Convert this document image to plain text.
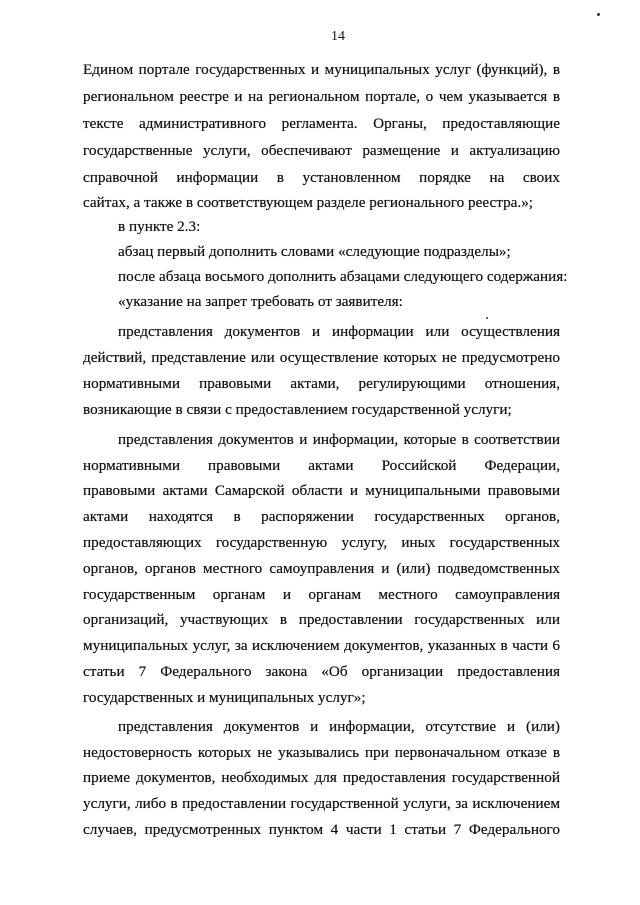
14
Едином портале государственных и муниципальных услуг (функций), в
региональном реестре и на региональном портале, о чем указывается в
тексте административного регламента. Органы, предоставляющие
государственные услуги, обеспечивают размещение и актуализацию
справочной информации в установленном порядке на своих
сайтах, а также в соответствующем разделе регионального реестра.»;
в пункте 2.3:
абзац первый дополнить словами «следующие подразделы»;
после абзаца восьмого дополнить абзацами следующего содержания:
«указание на запрет требовать от заявителя:
представления документов и информации или осуществления
действий, представление или осуществление которых не предусмотрено
нормативными правовыми актами, регулирующими отношения,
возникающие в связи с предоставлением государственной услуги;
представления документов и информации, которые в соответствии
нормативными правовыми актами Российской Федерации,
правовыми актами Самарской области и муниципальными правовыми
актами находятся в распоряжении государственных органов,
предоставляющих государственную услугу, иных государственных
органов, органов местного самоуправления и (или) подведомственных
государственным органам и органам местного самоуправления
организаций, участвующих в предоставлении государственных или
муниципальных услуг, за исключением документов, указанных в части 6
статьи 7 Федерального закона «Об организации предоставления
государственных и муниципальных услуг»;
представления документов и информации, отсутствие и (или)
недостоверность которых не указывались при первоначальном отказе в
приеме документов, необходимых для предоставления государственной
услуги, либо в предоставлении государственной услуги, за исключением
случаев, предусмотренных пунктом 4 части 1 статьи 7 Федерального
